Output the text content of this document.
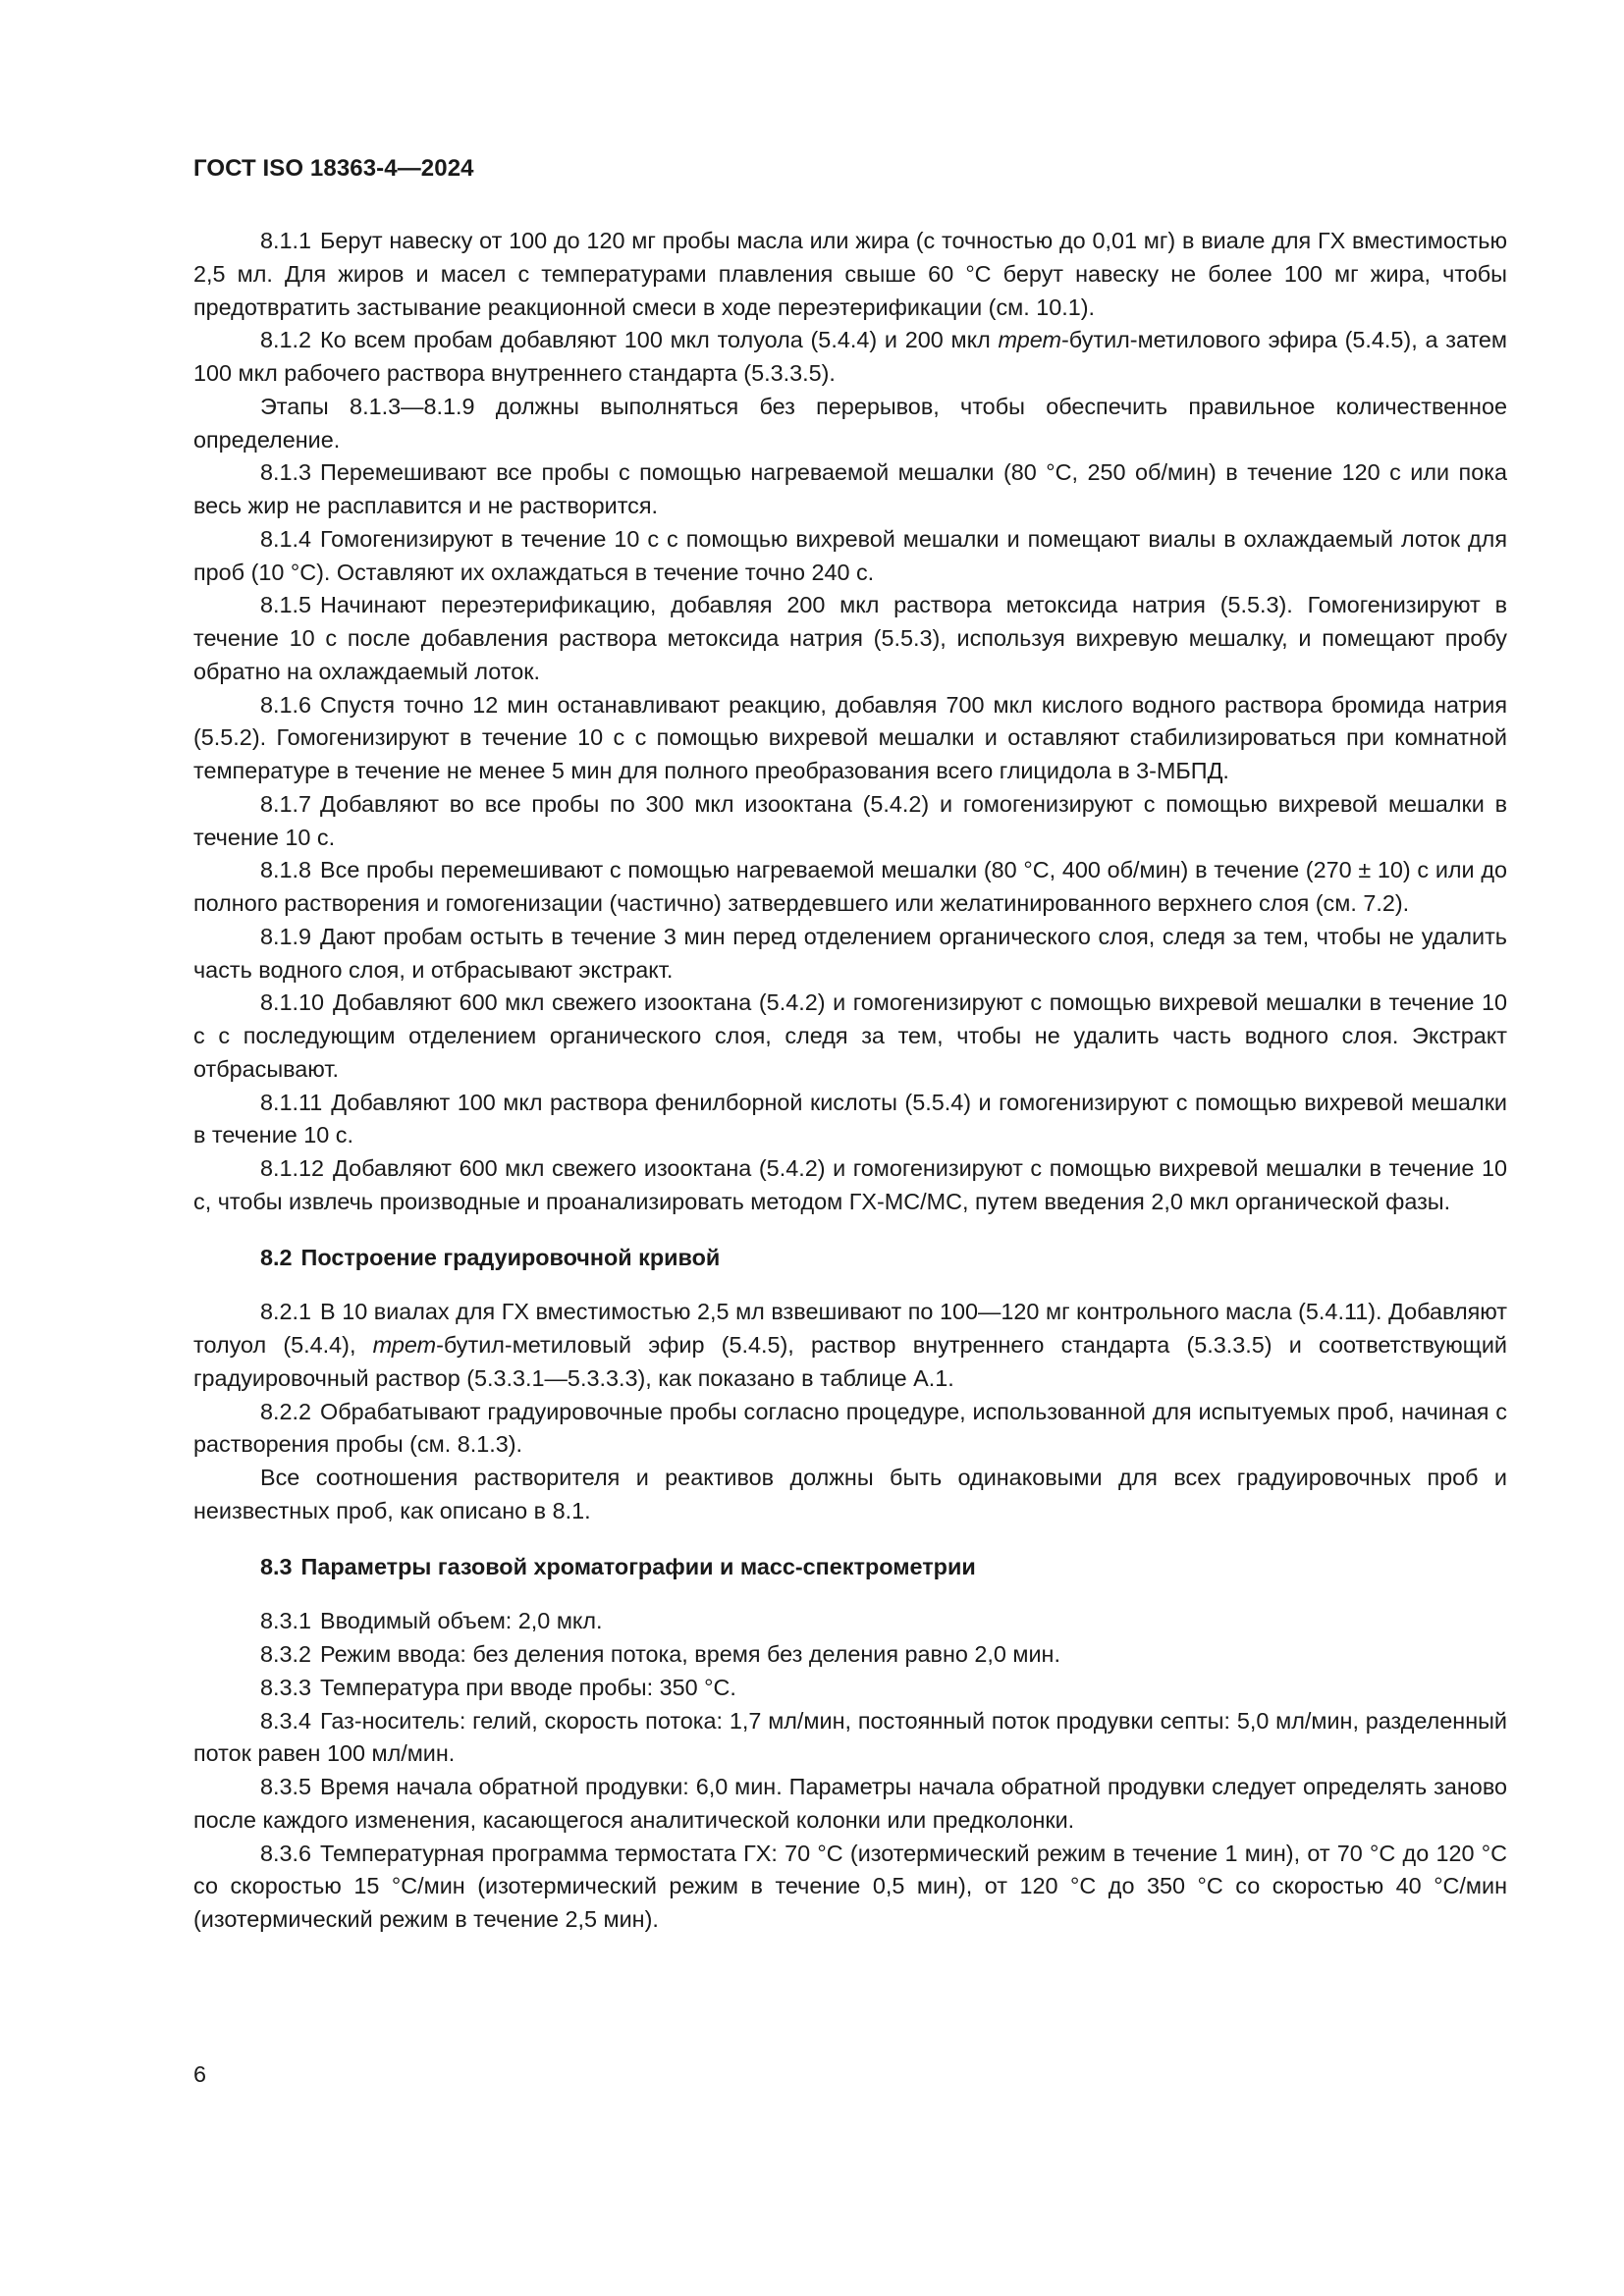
ГОСТ ISO 18363-4—2024

8.1.1 Берут навеску от 100 до 120 мг пробы масла или жира (с точностью до 0,01 мг) в виале для ГХ вместимостью 2,5 мл. Для жиров и масел с температурами плавления свыше 60 °С берут навеску не более 100 мг жира, чтобы предотвратить застывание реакционной смеси в ходе переэтерификации (см. 10.1).

8.1.2 Ко всем пробам добавляют 100 мкл толуола (5.4.4) и 200 мкл трет-бутил-метилового эфира (5.4.5), а затем 100 мкл рабочего раствора внутреннего стандарта (5.3.3.5).

Этапы 8.1.3—8.1.9 должны выполняться без перерывов, чтобы обеспечить правильное количественное определение.

8.1.3 Перемешивают все пробы с помощью нагреваемой мешалки (80 °С, 250 об/мин) в течение 120 с или пока весь жир не расплавится и не растворится.

8.1.4 Гомогенизируют в течение 10 с с помощью вихревой мешалки и помещают виалы в охлаждаемый лоток для проб (10 °С). Оставляют их охлаждаться в течение точно 240 с.

8.1.5 Начинают переэтерификацию, добавляя 200 мкл раствора метоксида натрия (5.5.3). Гомогенизируют в течение 10 с после добавления раствора метоксида натрия (5.5.3), используя вихревую мешалку, и помещают пробу обратно на охлаждаемый лоток.

8.1.6 Спустя точно 12 мин останавливают реакцию, добавляя 700 мкл кислого водного раствора бромида натрия (5.5.2). Гомогенизируют в течение 10 с с помощью вихревой мешалки и оставляют стабилизироваться при комнатной температуре в течение не менее 5 мин для полного преобразования всего глицидола в 3-МБПД.

8.1.7 Добавляют во все пробы по 300 мкл изооктана (5.4.2) и гомогенизируют с помощью вихревой мешалки в течение 10 с.

8.1.8 Все пробы перемешивают с помощью нагреваемой мешалки (80 °С, 400 об/мин) в течение (270 ± 10) с или до полного растворения и гомогенизации (частично) затвердевшего или желатинированного верхнего слоя (см. 7.2).

8.1.9 Дают пробам остыть в течение 3 мин перед отделением органического слоя, следя за тем, чтобы не удалить часть водного слоя, и отбрасывают экстракт.

8.1.10 Добавляют 600 мкл свежего изооктана (5.4.2) и гомогенизируют с помощью вихревой мешалки в течение 10 с с последующим отделением органического слоя, следя за тем, чтобы не удалить часть водного слоя. Экстракт отбрасывают.

8.1.11 Добавляют 100 мкл раствора фенилборной кислоты (5.5.4) и гомогенизируют с помощью вихревой мешалки в течение 10 с.

8.1.12 Добавляют 600 мкл свежего изооктана (5.4.2) и гомогенизируют с помощью вихревой мешалки в течение 10 с, чтобы извлечь производные и проанализировать методом ГХ-МС/МС, путем введения 2,0 мкл органической фазы.

8.2 Построение градуировочной кривой

8.2.1 В 10 виалах для ГХ вместимостью 2,5 мл взвешивают по 100—120 мг контрольного масла (5.4.11). Добавляют толуол (5.4.4), трет-бутил-метиловый эфир (5.4.5), раствор внутреннего стандарта (5.3.3.5) и соответствующий градуировочный раствор (5.3.3.1—5.3.3.3), как показано в таблице А.1.

8.2.2 Обрабатывают градуировочные пробы согласно процедуре, использованной для испытуемых проб, начиная с растворения пробы (см. 8.1.3).

Все соотношения растворителя и реактивов должны быть одинаковыми для всех градуировочных проб и неизвестных проб, как описано в 8.1.

8.3 Параметры газовой хроматографии и масс-спектрометрии

8.3.1 Вводимый объем: 2,0 мкл.

8.3.2 Режим ввода: без деления потока, время без деления равно 2,0 мин.

8.3.3 Температура при вводе пробы: 350 °С.

8.3.4 Газ-носитель: гелий, скорость потока: 1,7 мл/мин, постоянный поток продувки септы: 5,0 мл/мин, разделенный поток равен 100 мл/мин.

8.3.5 Время начала обратной продувки: 6,0 мин. Параметры начала обратной продувки следует определять заново после каждого изменения, касающегося аналитической колонки или предколонки.

8.3.6 Температурная программа термостата ГХ: 70 °С (изотермический режим в течение 1 мин), от 70 °С до 120 °С со скоростью 15 °С/мин (изотермический режим в течение 0,5 мин), от 120 °С до 350 °С со скоростью 40 °С/мин (изотермический режим в течение 2,5 мин).

6
